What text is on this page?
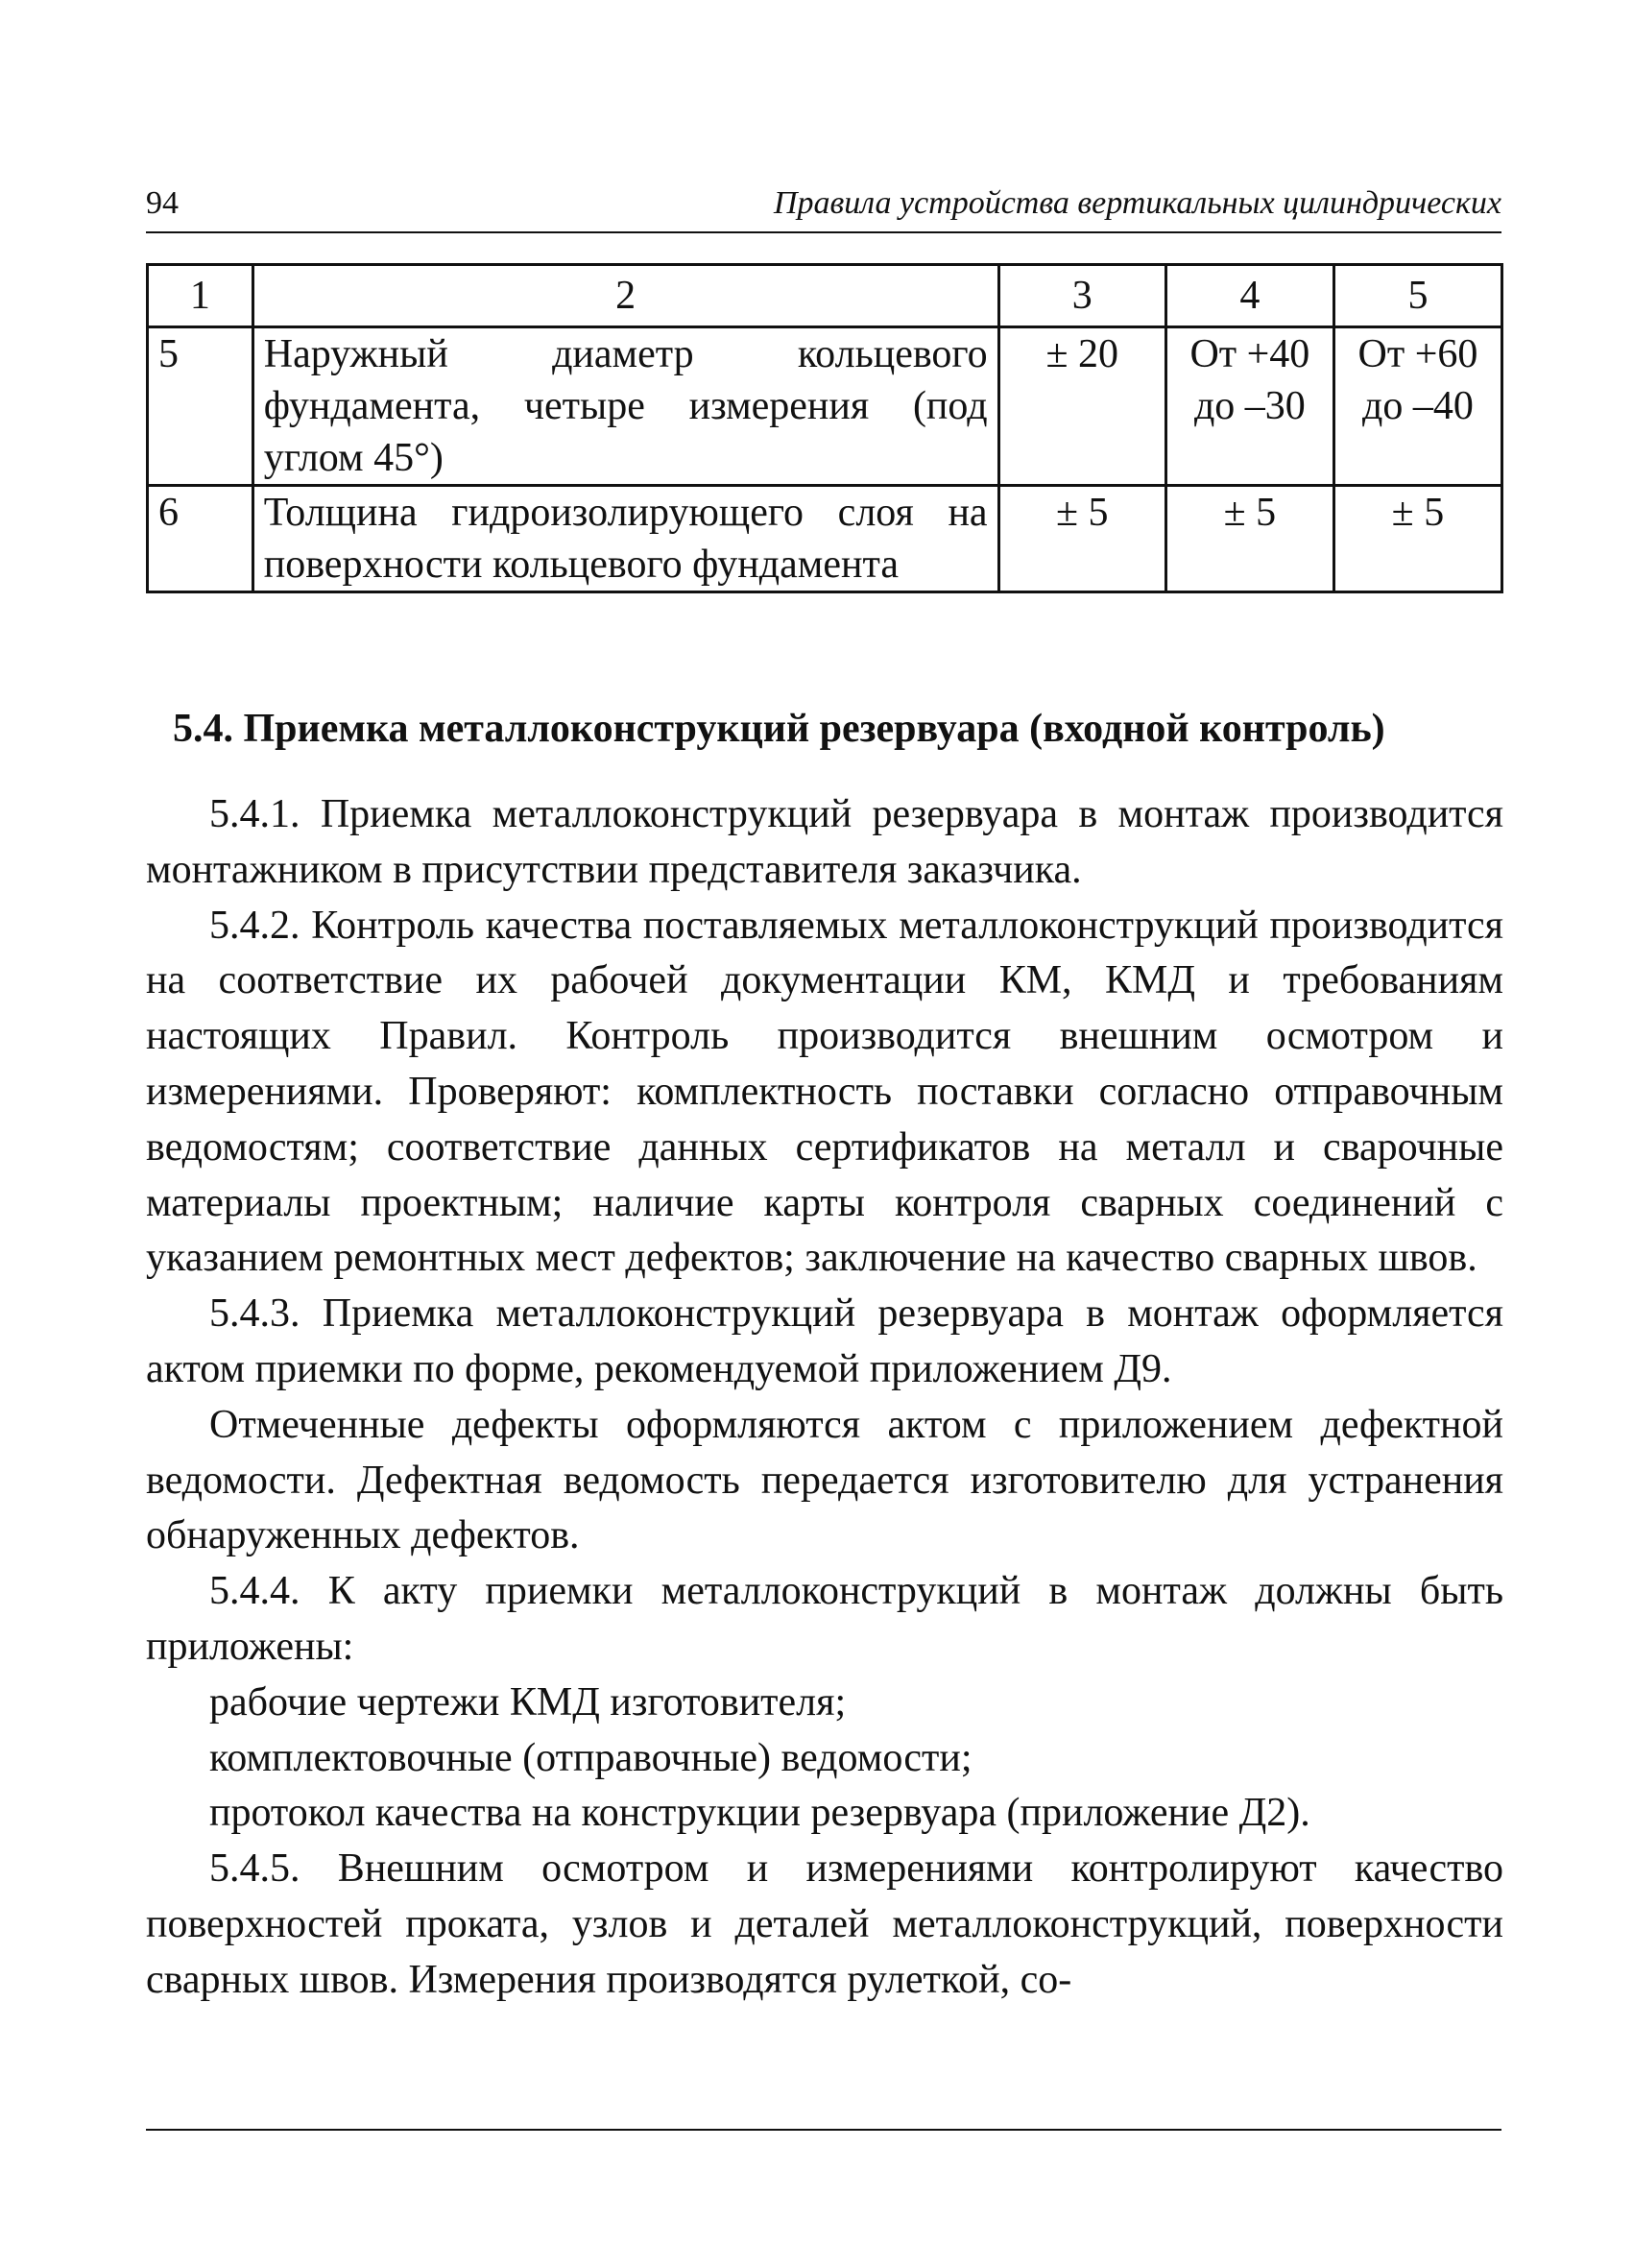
94	Правила устройства вертикальных цилиндрических
1	2	3	4	5
5	Наружный диаметр кольцевого фундамента, четыре измерения (под углом 45°)	± 20	От +40 до –30	От +60 до –40
6	Толщина гидроизолирующего слоя на поверхности кольцевого фундамента	± 5	± 5	± 5
5.4. Приемка металлоконструкций резервуара (входной контроль)

5.4.1. Приемка металлоконструкций резервуара в монтаж производится монтажником в присутствии представителя заказчика.

5.4.2. Контроль качества поставляемых металлоконструкций производится на соответствие их рабочей документации КМ, КМД и требованиям настоящих Правил. Контроль производится внешним осмотром и измерениями. Проверяют: комплектность поставки согласно отправочным ведомостям; соответствие данных сертификатов на металл и сварочные материалы проектным; наличие карты контроля сварных соединений с указанием ремонтных мест дефектов; заключение на качество сварных швов.

5.4.3. Приемка металлоконструкций резервуара в монтаж оформляется актом приемки по форме, рекомендуемой приложением Д9.

Отмеченные дефекты оформляются актом с приложением дефектной ведомости. Дефектная ведомость передается изготовителю для устранения обнаруженных дефектов.

5.4.4. К акту приемки металлоконструкций в монтаж должны быть приложены:

рабочие чертежи КМД изготовителя;

комплектовочные (отправочные) ведомости;

протокол качества на конструкции резервуара (приложение Д2).

5.4.5. Внешним осмотром и измерениями контролируют качество поверхностей проката, узлов и деталей металлоконструкций, поверхности сварных швов. Измерения производятся рулеткой, со-
